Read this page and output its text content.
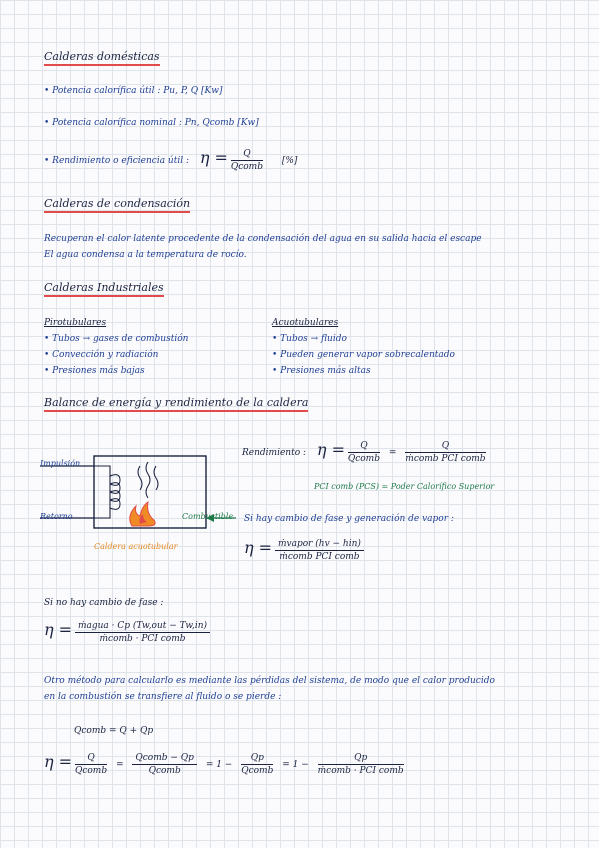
Calderas domésticas
• Potencia calorífica útil : Pu, P, Q [Kw]
• Potencia calorífica nominal : Pn, Qcomb [Kw]
• Rendimiento o eficiencia útil : $\eta = \frac{Q}{\text{Qcomb}}$ [%]
Calderas de condensación
Recuperan el calor latente procedente de la condensación del agua en su salida hacia el escape
El agua condensa a la temperatura de rocío.
Calderas Industriales
Pirotubulares
• Tubos → gases de combustión
• Convección y radiación
• Presiones más bajas
Acuotubulares
• Tubos → fluido
• Pueden generar vapor sobrecalentado
• Presiones más altas
Balance de energía y rendimiento de la caldera
Impulsión
Retorno	Combustible
Caldera acuotubular
Rendimiento : $\eta = \frac{Q}{\text{Qcomb}} = \frac{Q}{\text{ṁcomb PCI comb}}$
PCI comb (PCS) = Poder Calorífico Superior
Si hay cambio de fase y generación de vapor :
$\eta = \frac{\text{ṁvapor (hv − hin)}}{\text{ṁcomb PCI comb}}$
Si no hay cambio de fase :
$\eta = \frac{\text{ṁagua · Cp (Tw,out − Tw,in)}}{\text{ṁcomb · PCI comb}}$
Otro método para calcularlo es mediante las pérdidas del sistema, de modo que el calor producido
en la combustión se transfiere al fluido o se pierde :
Qcomb = Q + Qp
$\eta = \frac{Q}{\text{Qcomb}} = \frac{\text{Qcomb − Qp}}{\text{Qcomb}} = 1 - \frac{Qp}{\text{Qcomb}} = 1 - \frac{Qp}{\text{ṁcomb · PCI comb}}$
